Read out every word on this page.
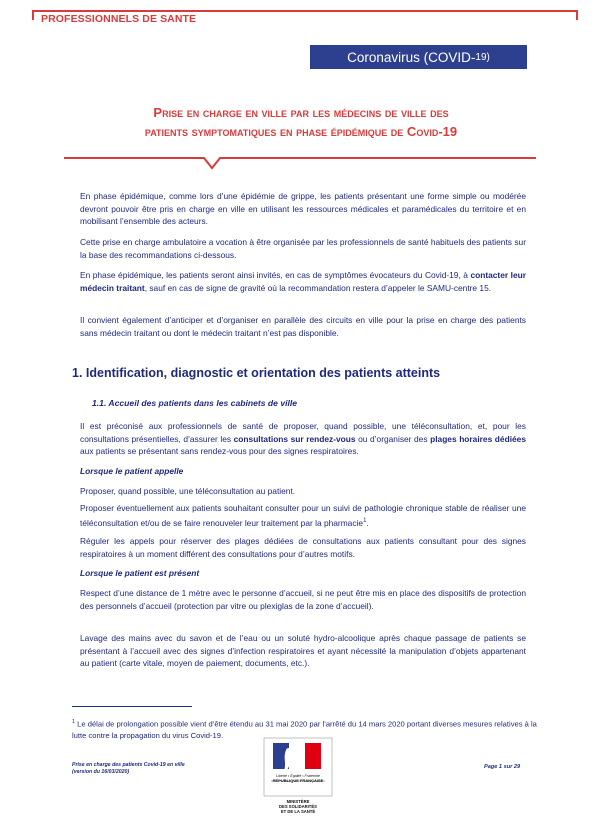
PROFESSIONNELS DE SANTE
Coronavirus (COVID- 19)
Prise en charge en ville par les médecins de ville des
patients symptomatiques en phase épidémique de Covid-19
En phase épidémique, comme lors d’une épidémie de grippe, les patients présentant une forme simple ou modérée devront pouvoir être pris en charge en ville en utilisant les ressources médicales et paramédicales du territoire et en mobilisant l’ensemble des acteurs.
Cette prise en charge ambulatoire a vocation à être organisée par les professionnels de santé habituels des patients sur la base des recommandations ci-dessous.
En phase épidémique, les patients seront ainsi invités, en cas de symptômes évocateurs du Covid-19, à contacter leur médecin traitant, sauf en cas de signe de gravité où la recommandation restera d’appeler le SAMU-centre 15.
Il convient également d’anticiper et d’organiser en parallèle des circuits en ville pour la prise en charge des patients sans médecin traitant ou dont le médecin traitant n’est pas disponible.
1. Identification, diagnostic et orientation des patients atteints
1.1. Accueil des patients dans les cabinets de ville
Il est préconisé aux professionnels de santé de proposer, quand possible, une téléconsultation, et, pour les consultations présentielles, d’assurer les consultations sur rendez-vous ou d’organiser des plages horaires dédiées aux patients se présentant sans rendez-vous pour des signes respiratoires.
Lorsque le patient appelle
Proposer, quand possible, une téléconsultation au patient.
Proposer éventuellement aux patients souhaitant consulter pour un suivi de pathologie chronique stable de réaliser une téléconsultation et/ou de se faire renouveler leur traitement par la pharmacie$^1$.
Réguler les appels pour réserver des plages dédiées de consultations aux patients consultant pour des signes respiratoires à un moment différent des consultations pour d’autres motifs.
Lorsque le patient est présent
Respect d’une distance de 1 mètre avec le personne d’accueil, si ne peut être mis en place des dispositifs de protection des personnels d’accueil (protection par vitre ou plexiglas de la zone d’accueil).
Lavage des mains avec du savon et de l’eau ou un soluté hydro-alcoolique après chaque passage de patients se présentant à l’accueil avec des signes d’infection respiratoires et ayant nécessité la manipulation d’objets appartenant au patient (carte vitale, moyen de paiement, documents, etc.).
$^1$ Le délai de prolongation possible vient d’être étendu au 31 mai 2020 par l’arrêté du 14 mars 2020 portant diverses mesures relatives à la lutte contre la propagation du virus Covid-19.
Prise en charge des patients Covid-19 en ville
(version du 16/03/2020)
Liberté • Égalité • Fraternité
RÉPUBLIQUE FRANÇAISE
MINISTÈRE
DES SOLIDARITÉS
ET DE LA SANTÉ
Page 1 sur 29
